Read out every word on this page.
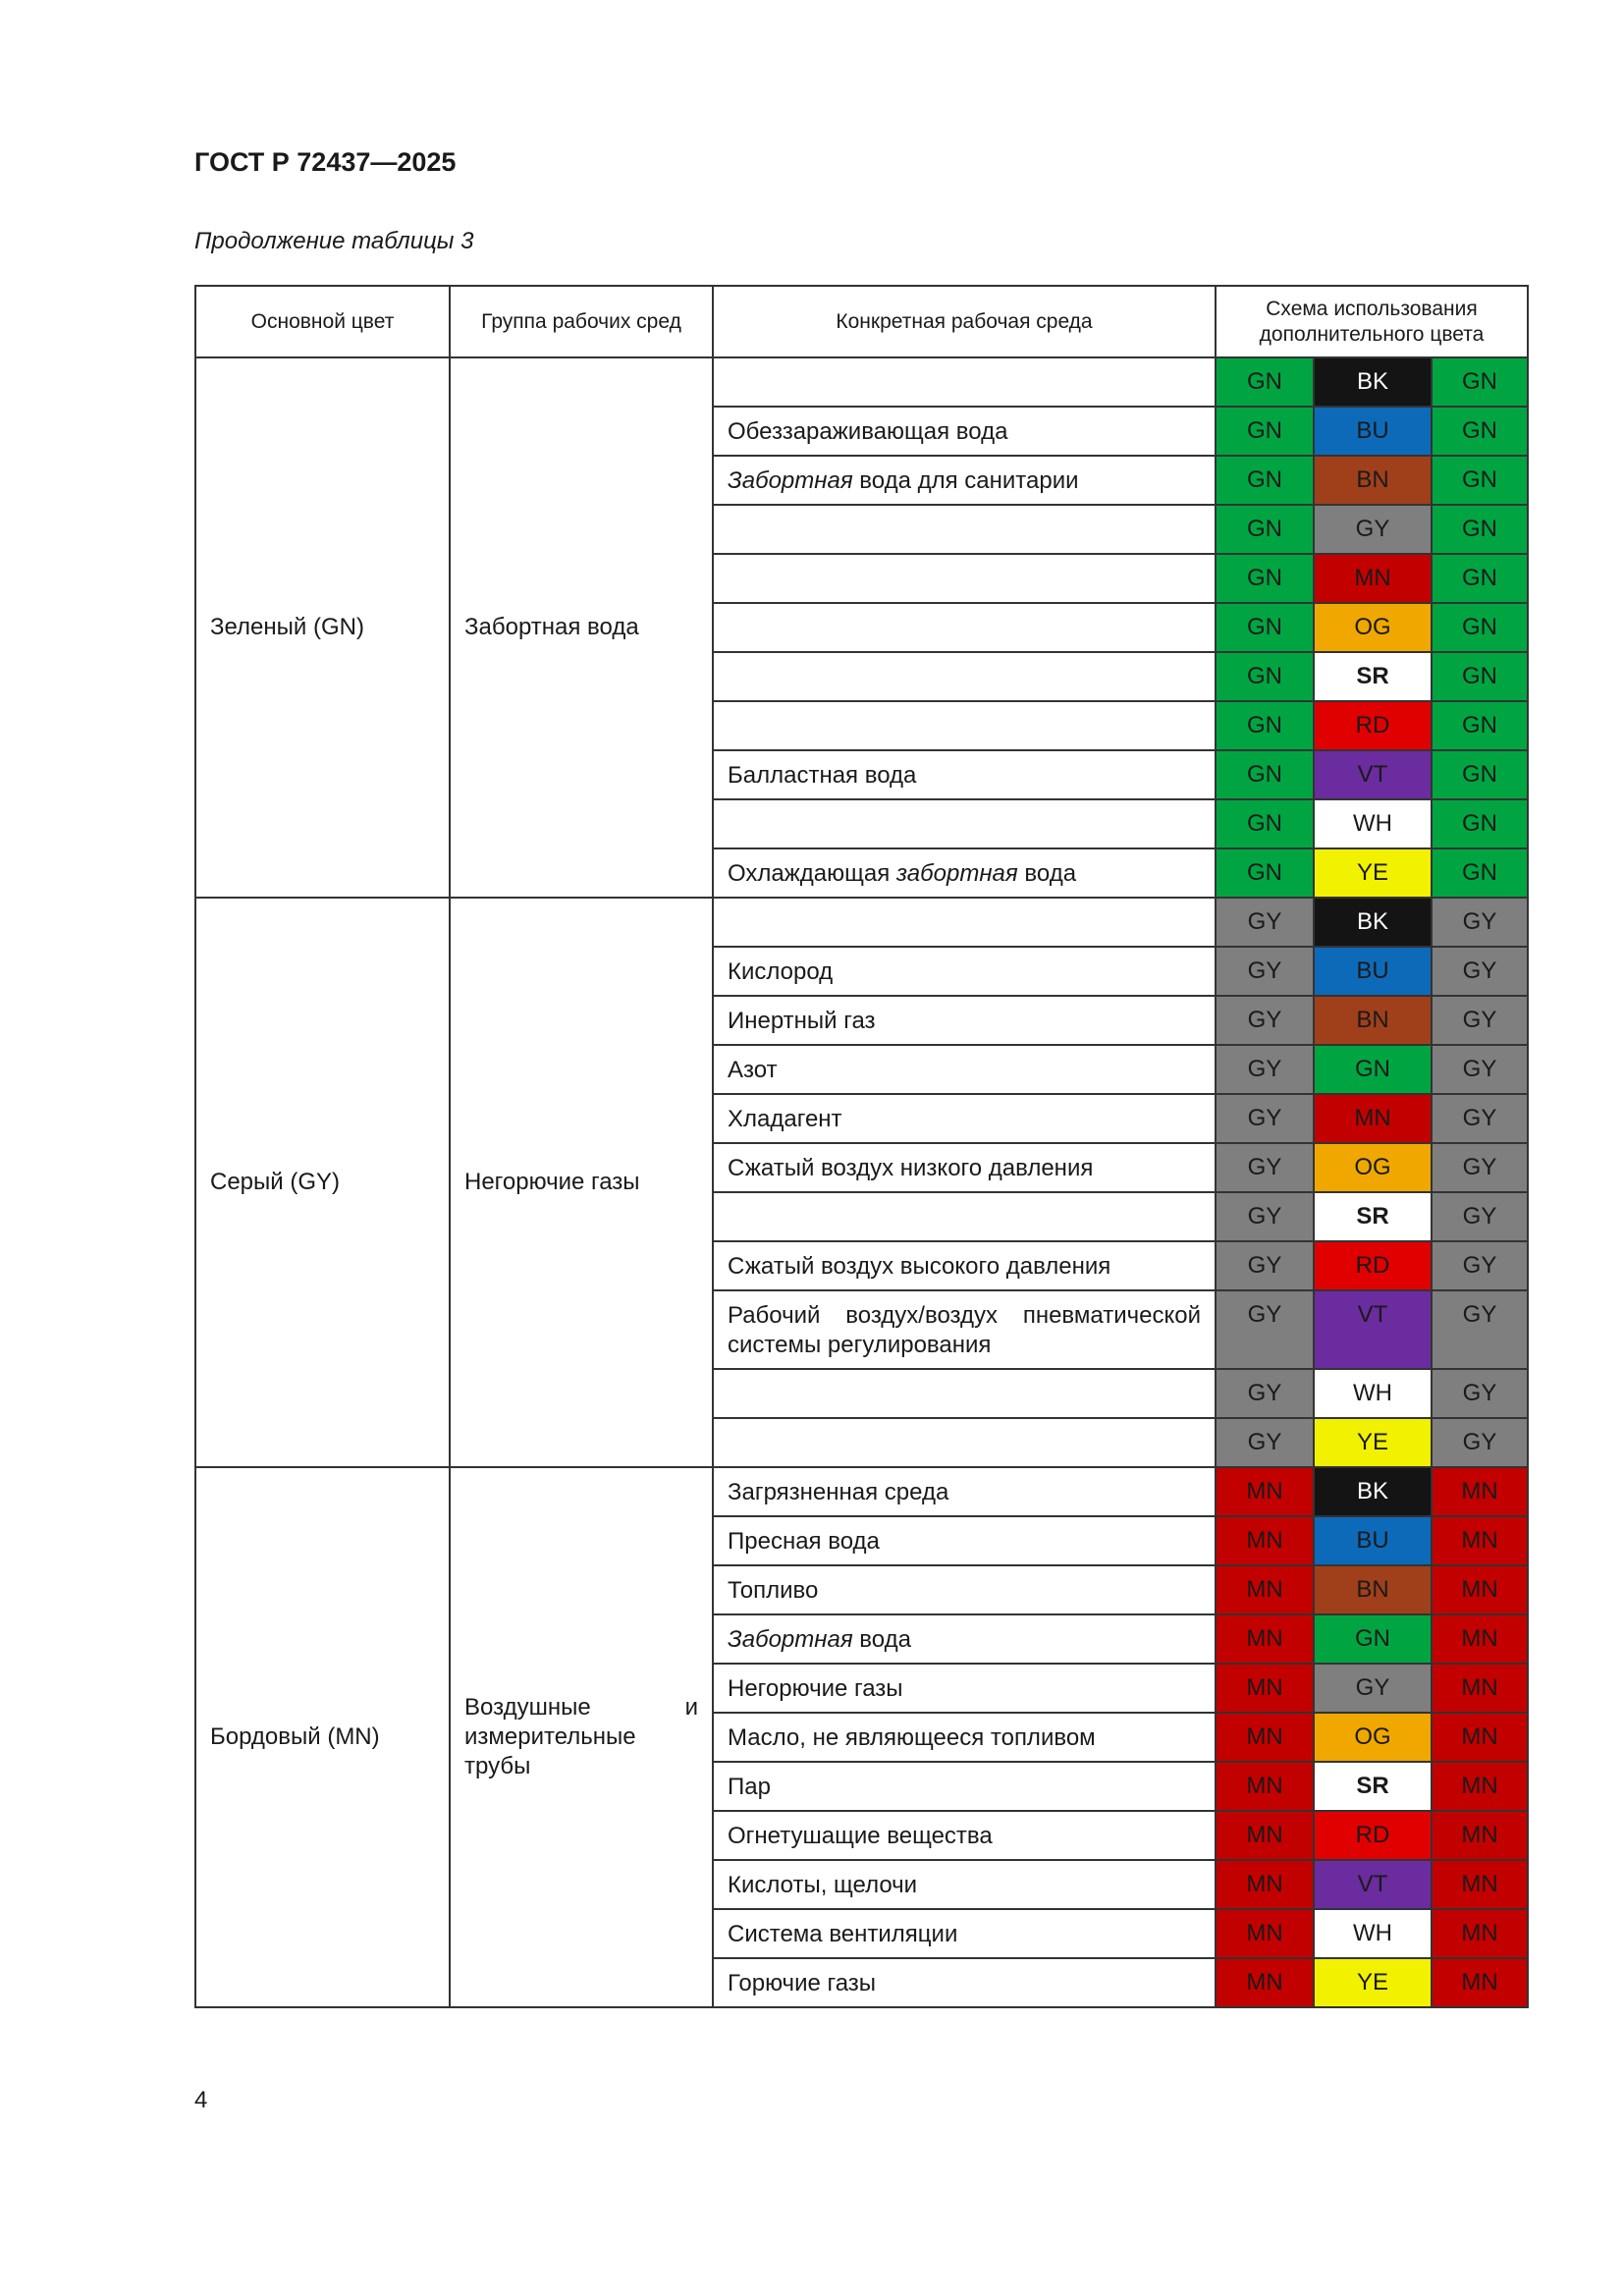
ГОСТ Р 72437—2025
Продолжение таблицы 3
Основной цвет	Группа рабочих сред	Конкретная рабочая среда	Схема использования дополнительного цвета		
Зеленый (GN)	Забортная вода		GN	BK	GN
		Обеззараживающая вода	GN	BU	GN
		Забортная вода для санитарии	GN	BN	GN
			GN	GY	GN
			GN	MN	GN
			GN	OG	GN
			GN	SR	GN
			GN	RD	GN
		Балластная вода	GN	VT	GN
			GN	WH	GN
		Охлаждающая забортная вода	GN	YE	GN
Серый (GY)	Негорючие газы		GY	BK	GY
		Кислород	GY	BU	GY
		Инертный газ	GY	BN	GY
		Азот	GY	GN	GY
		Хладагент	GY	MN	GY
		Сжатый воздух низкого давления	GY	OG	GY
			GY	SR	GY
		Сжатый воздух высокого давления	GY	RD	GY
		Рабочий воздух/воздух пневматической системы регулирования	GY	VT	GY
			GY	WH	GY
			GY	YE	GY
Бордовый (MN)	Воздушные и измерительные трубы	Загрязненная среда	MN	BK	MN
		Пресная вода	MN	BU	MN
		Топливо	MN	BN	MN
		Забортная вода	MN	GN	MN
		Негорючие газы	MN	GY	MN
		Масло, не являющееся топливом	MN	OG	MN
		Пар	MN	SR	MN
		Огнетушащие вещества	MN	RD	MN
		Кислоты, щелочи	MN	VT	MN
		Система вентиляции	MN	WH	MN
		Горючие газы	MN	YE	MN
4
